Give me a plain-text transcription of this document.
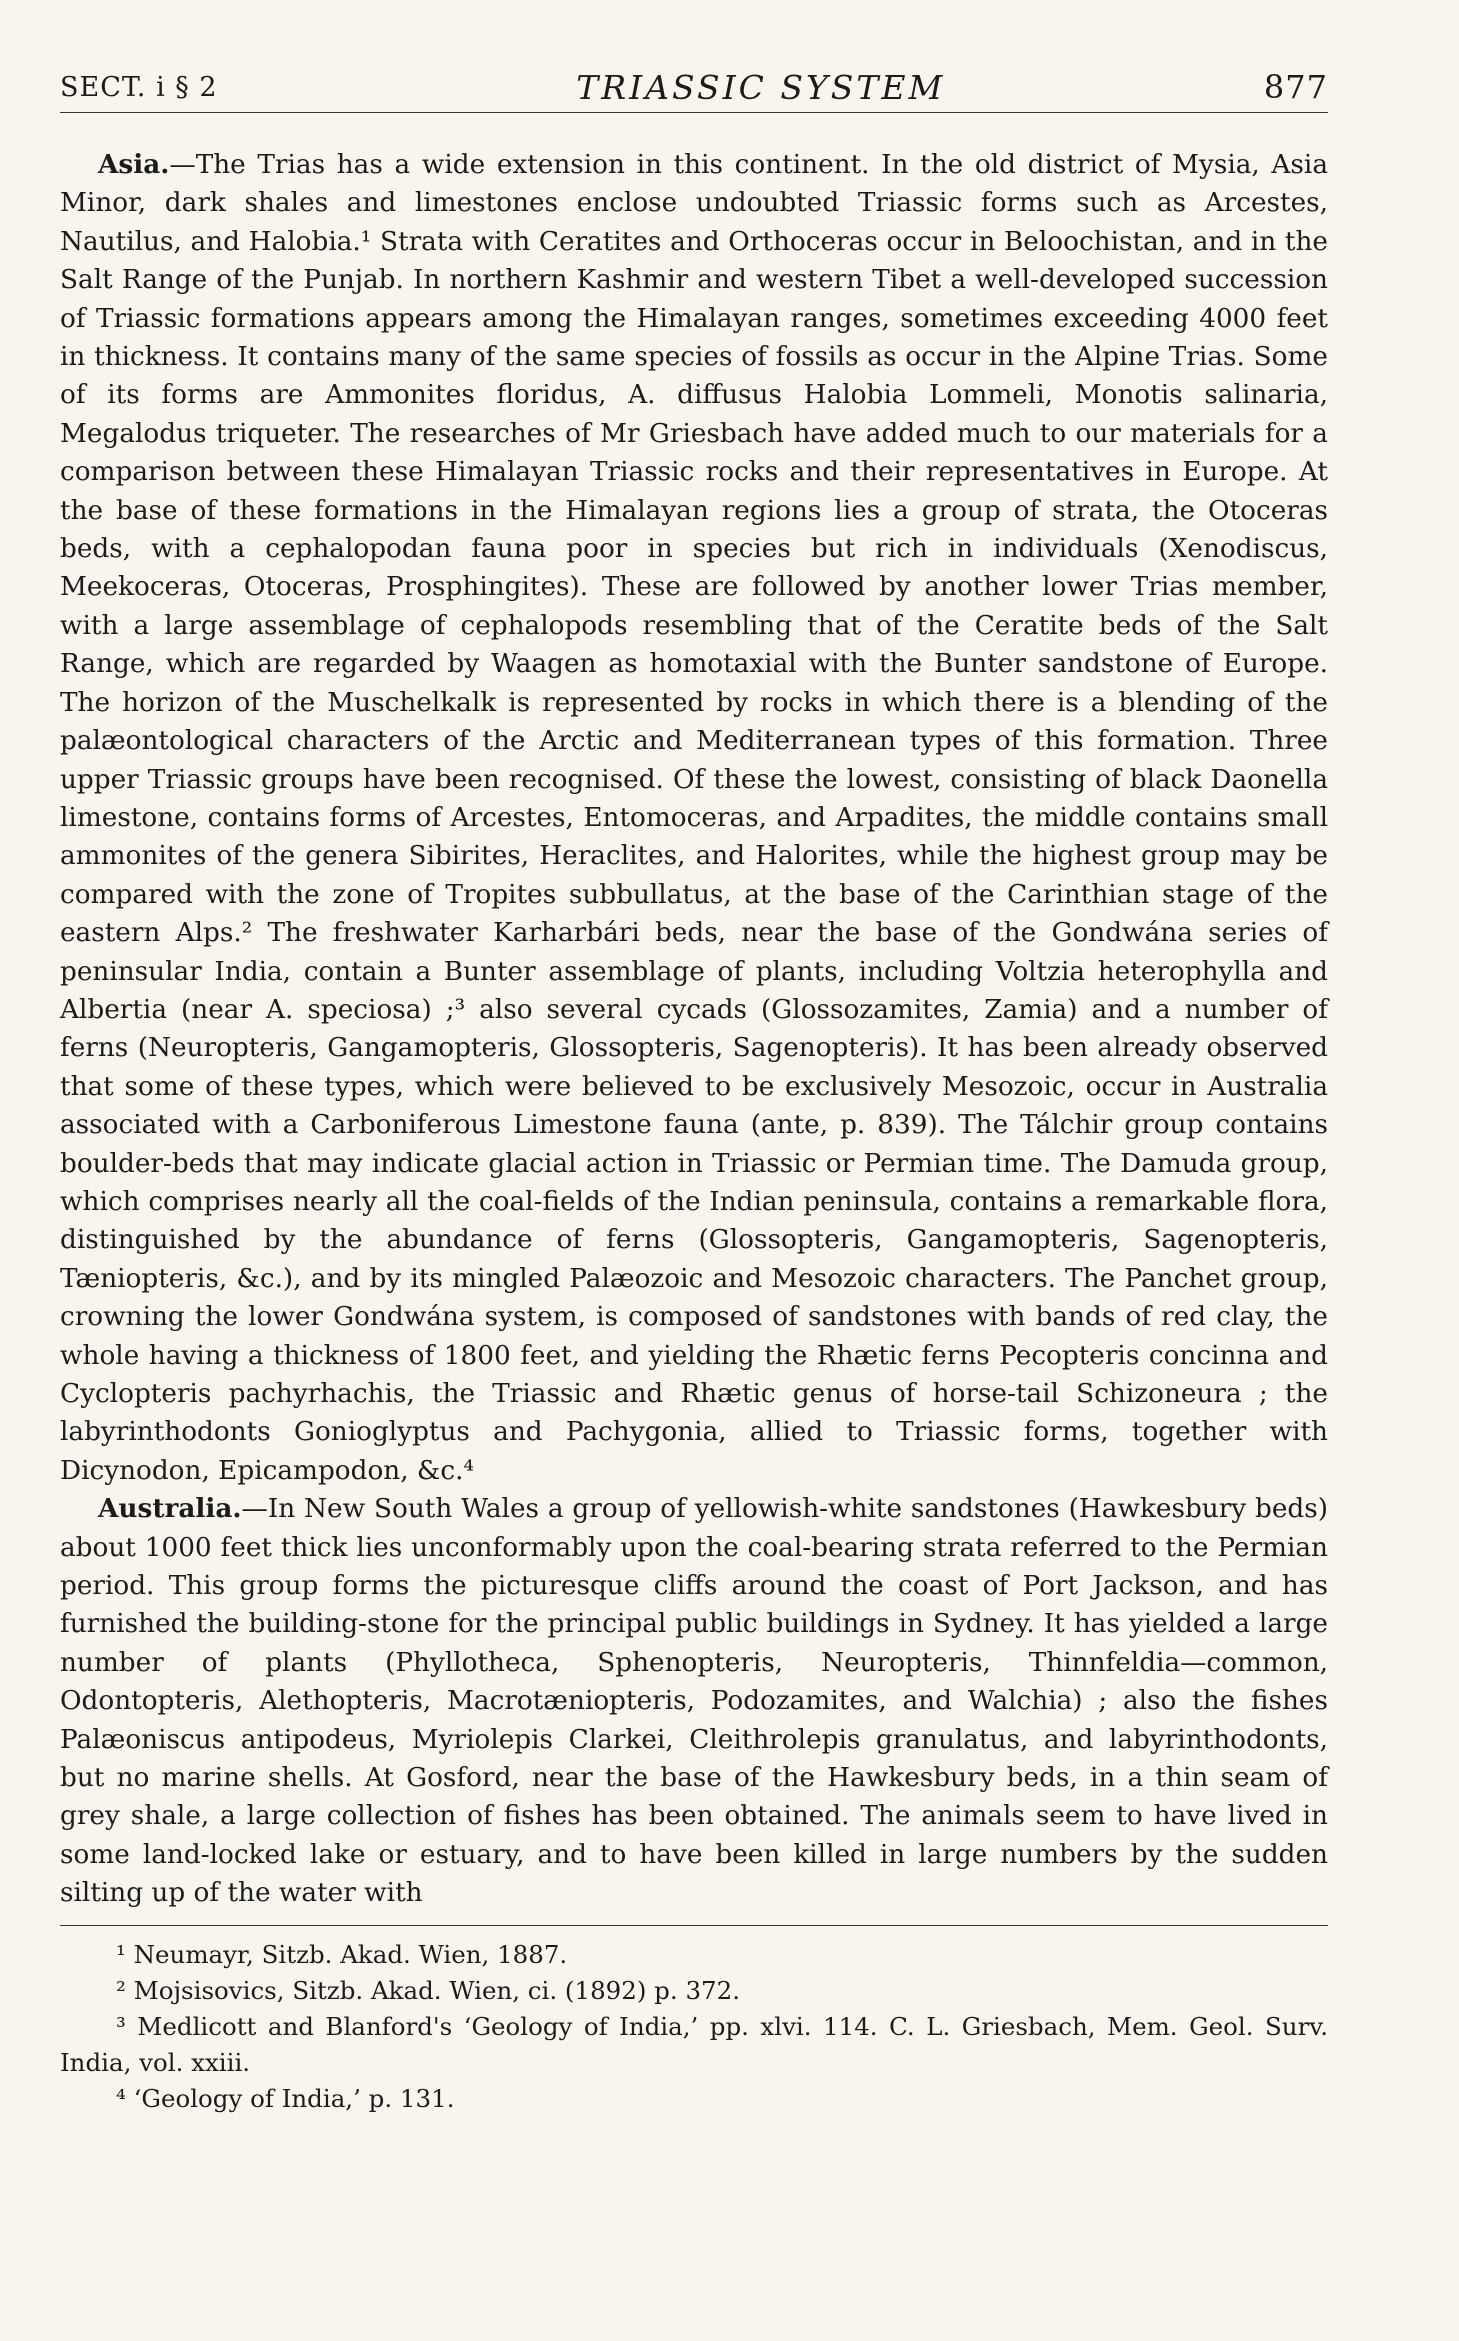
SECT. i § 2	TRIASSIC SYSTEM	877

Asia.—The Trias has a wide extension in this continent. In the old district of Mysia, Asia Minor, dark shales and limestones enclose undoubted Triassic forms such as Arcestes, Nautilus, and Halobia.¹ Strata with Ceratites and Orthoceras occur in Beloochistan, and in the Salt Range of the Punjab. In northern Kashmir and western Tibet a well-developed succession of Triassic formations appears among the Himalayan ranges, sometimes exceeding 4000 feet in thickness. It contains many of the same species of fossils as occur in the Alpine Trias. Some of its forms are Ammonites floridus, A. diffusus Halobia Lommeli, Monotis salinaria, Megalodus triqueter. The researches of Mr Griesbach have added much to our materials for a comparison between these Himalayan Triassic rocks and their representatives in Europe. At the base of these formations in the Himalayan regions lies a group of strata, the Otoceras beds, with a cephalopodan fauna poor in species but rich in individuals (Xenodiscus, Meekoceras, Otoceras, Prosphingites). These are followed by another lower Trias member, with a large assemblage of cephalopods resembling that of the Ceratite beds of the Salt Range, which are regarded by Waagen as homotaxial with the Bunter sandstone of Europe. The horizon of the Muschelkalk is represented by rocks in which there is a blending of the palæontological characters of the Arctic and Mediterranean types of this formation. Three upper Triassic groups have been recognised. Of these the lowest, consisting of black Daonella limestone, contains forms of Arcestes, Entomoceras, and Arpadites, the middle contains small ammonites of the genera Sibirites, Heraclites, and Halorites, while the highest group may be compared with the zone of Tropites subbullatus, at the base of the Carinthian stage of the eastern Alps.² The freshwater Karharbári beds, near the base of the Gondwána series of peninsular India, contain a Bunter assemblage of plants, including Voltzia heterophylla and Albertia (near A. speciosa) ;³ also several cycads (Glossozamites, Zamia) and a number of ferns (Neuropteris, Gangamopteris, Glossopteris, Sagenopteris). It has been already observed that some of these types, which were believed to be exclusively Mesozoic, occur in Australia associated with a Carboniferous Limestone fauna (ante, p. 839). The Tálchir group contains boulder-beds that may indicate glacial action in Triassic or Permian time. The Damuda group, which comprises nearly all the coal-fields of the Indian peninsula, contains a remarkable flora, distinguished by the abundance of ferns (Glossopteris, Gangamopteris, Sagenopteris, Tæniopteris, &c.), and by its mingled Palæozoic and Mesozoic characters. The Panchet group, crowning the lower Gondwána system, is composed of sandstones with bands of red clay, the whole having a thickness of 1800 feet, and yielding the Rhætic ferns Pecopteris concinna and Cyclopteris pachyrhachis, the Triassic and Rhætic genus of horse-tail Schizoneura ; the labyrinthodonts Gonioglyptus and Pachygonia, allied to Triassic forms, together with Dicynodon, Epicampodon, &c.⁴

Australia.—In New South Wales a group of yellowish-white sandstones (Hawkesbury beds) about 1000 feet thick lies unconformably upon the coal-bearing strata referred to the Permian period. This group forms the picturesque cliffs around the coast of Port Jackson, and has furnished the building-stone for the principal public buildings in Sydney. It has yielded a large number of plants (Phyllotheca, Sphenopteris, Neuropteris, Thinnfeldia—common, Odontopteris, Alethopteris, Macrotæniopteris, Podozamites, and Walchia) ; also the fishes Palæoniscus antipodeus, Myriolepis Clarkei, Cleithrolepis granulatus, and labyrinthodonts, but no marine shells. At Gosford, near the base of the Hawkesbury beds, in a thin seam of grey shale, a large collection of fishes has been obtained. The animals seem to have lived in some land-locked lake or estuary, and to have been killed in large numbers by the sudden silting up of the water with

¹ Neumayr, Sitzb. Akad. Wien, 1887.

² Mojsisovics, Sitzb. Akad. Wien, ci. (1892) p. 372.

³ Medlicott and Blanford's ‘Geology of India,’ pp. xlvi. 114. C. L. Griesbach, Mem. Geol. Surv. India, vol. xxiii.

⁴ ‘Geology of India,’ p. 131.
